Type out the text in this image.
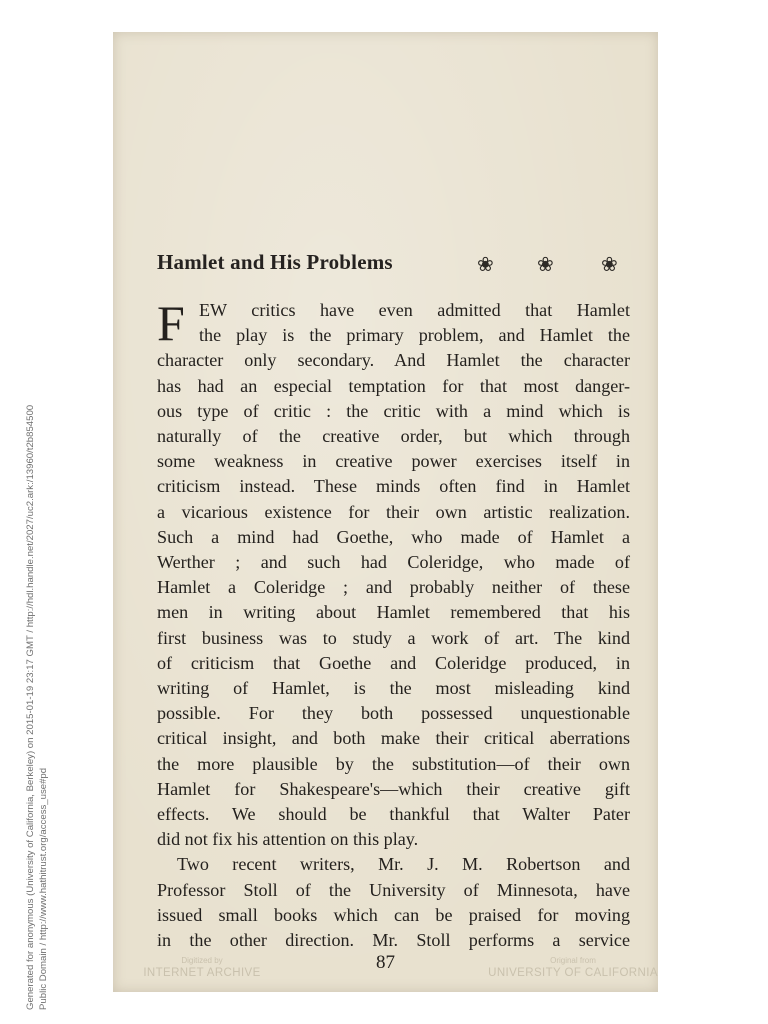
Generated for anonymous (University of California, Berkeley) on 2015-01-19 23:17 GMT / http://hdl.handle.net/2027/uc2.ark:/13960/t2b854500 Public Domain / http://www.hathitrust.org/access_use#pd
Hamlet and His Problems	❀ ❀ ❀
F EW critics have even admitted that Hamlet
the play is the primary problem, and Hamlet the
character only secondary. And Hamlet the character
has had an especial temptation for that most danger-
ous type of critic : the critic with a mind which is
naturally of the creative order, but which through
some weakness in creative power exercises itself in
criticism instead. These minds often find in Hamlet
a vicarious existence for their own artistic realization.
Such a mind had Goethe, who made of Hamlet a
Werther ; and such had Coleridge, who made of
Hamlet a Coleridge ; and probably neither of these
men in writing about Hamlet remembered that his
first business was to study a work of art. The kind
of criticism that Goethe and Coleridge produced, in
writing of Hamlet, is the most misleading kind
possible. For they both possessed unquestionable
critical insight, and both make their critical aberrations
the more plausible by the substitution—of their own
Hamlet for Shakespeare's—which their creative gift
effects. We should be thankful that Walter Pater
did not fix his attention on this play.
Two recent writers, Mr. J. M. Robertson and
Professor Stoll of the University of Minnesota, have
issued small books which can be praised for moving
in the other direction. Mr. Stoll performs a service
87
Digitized by
INTERNET ARCHIVE
Original from
UNIVERSITY OF CALIFORNIA
